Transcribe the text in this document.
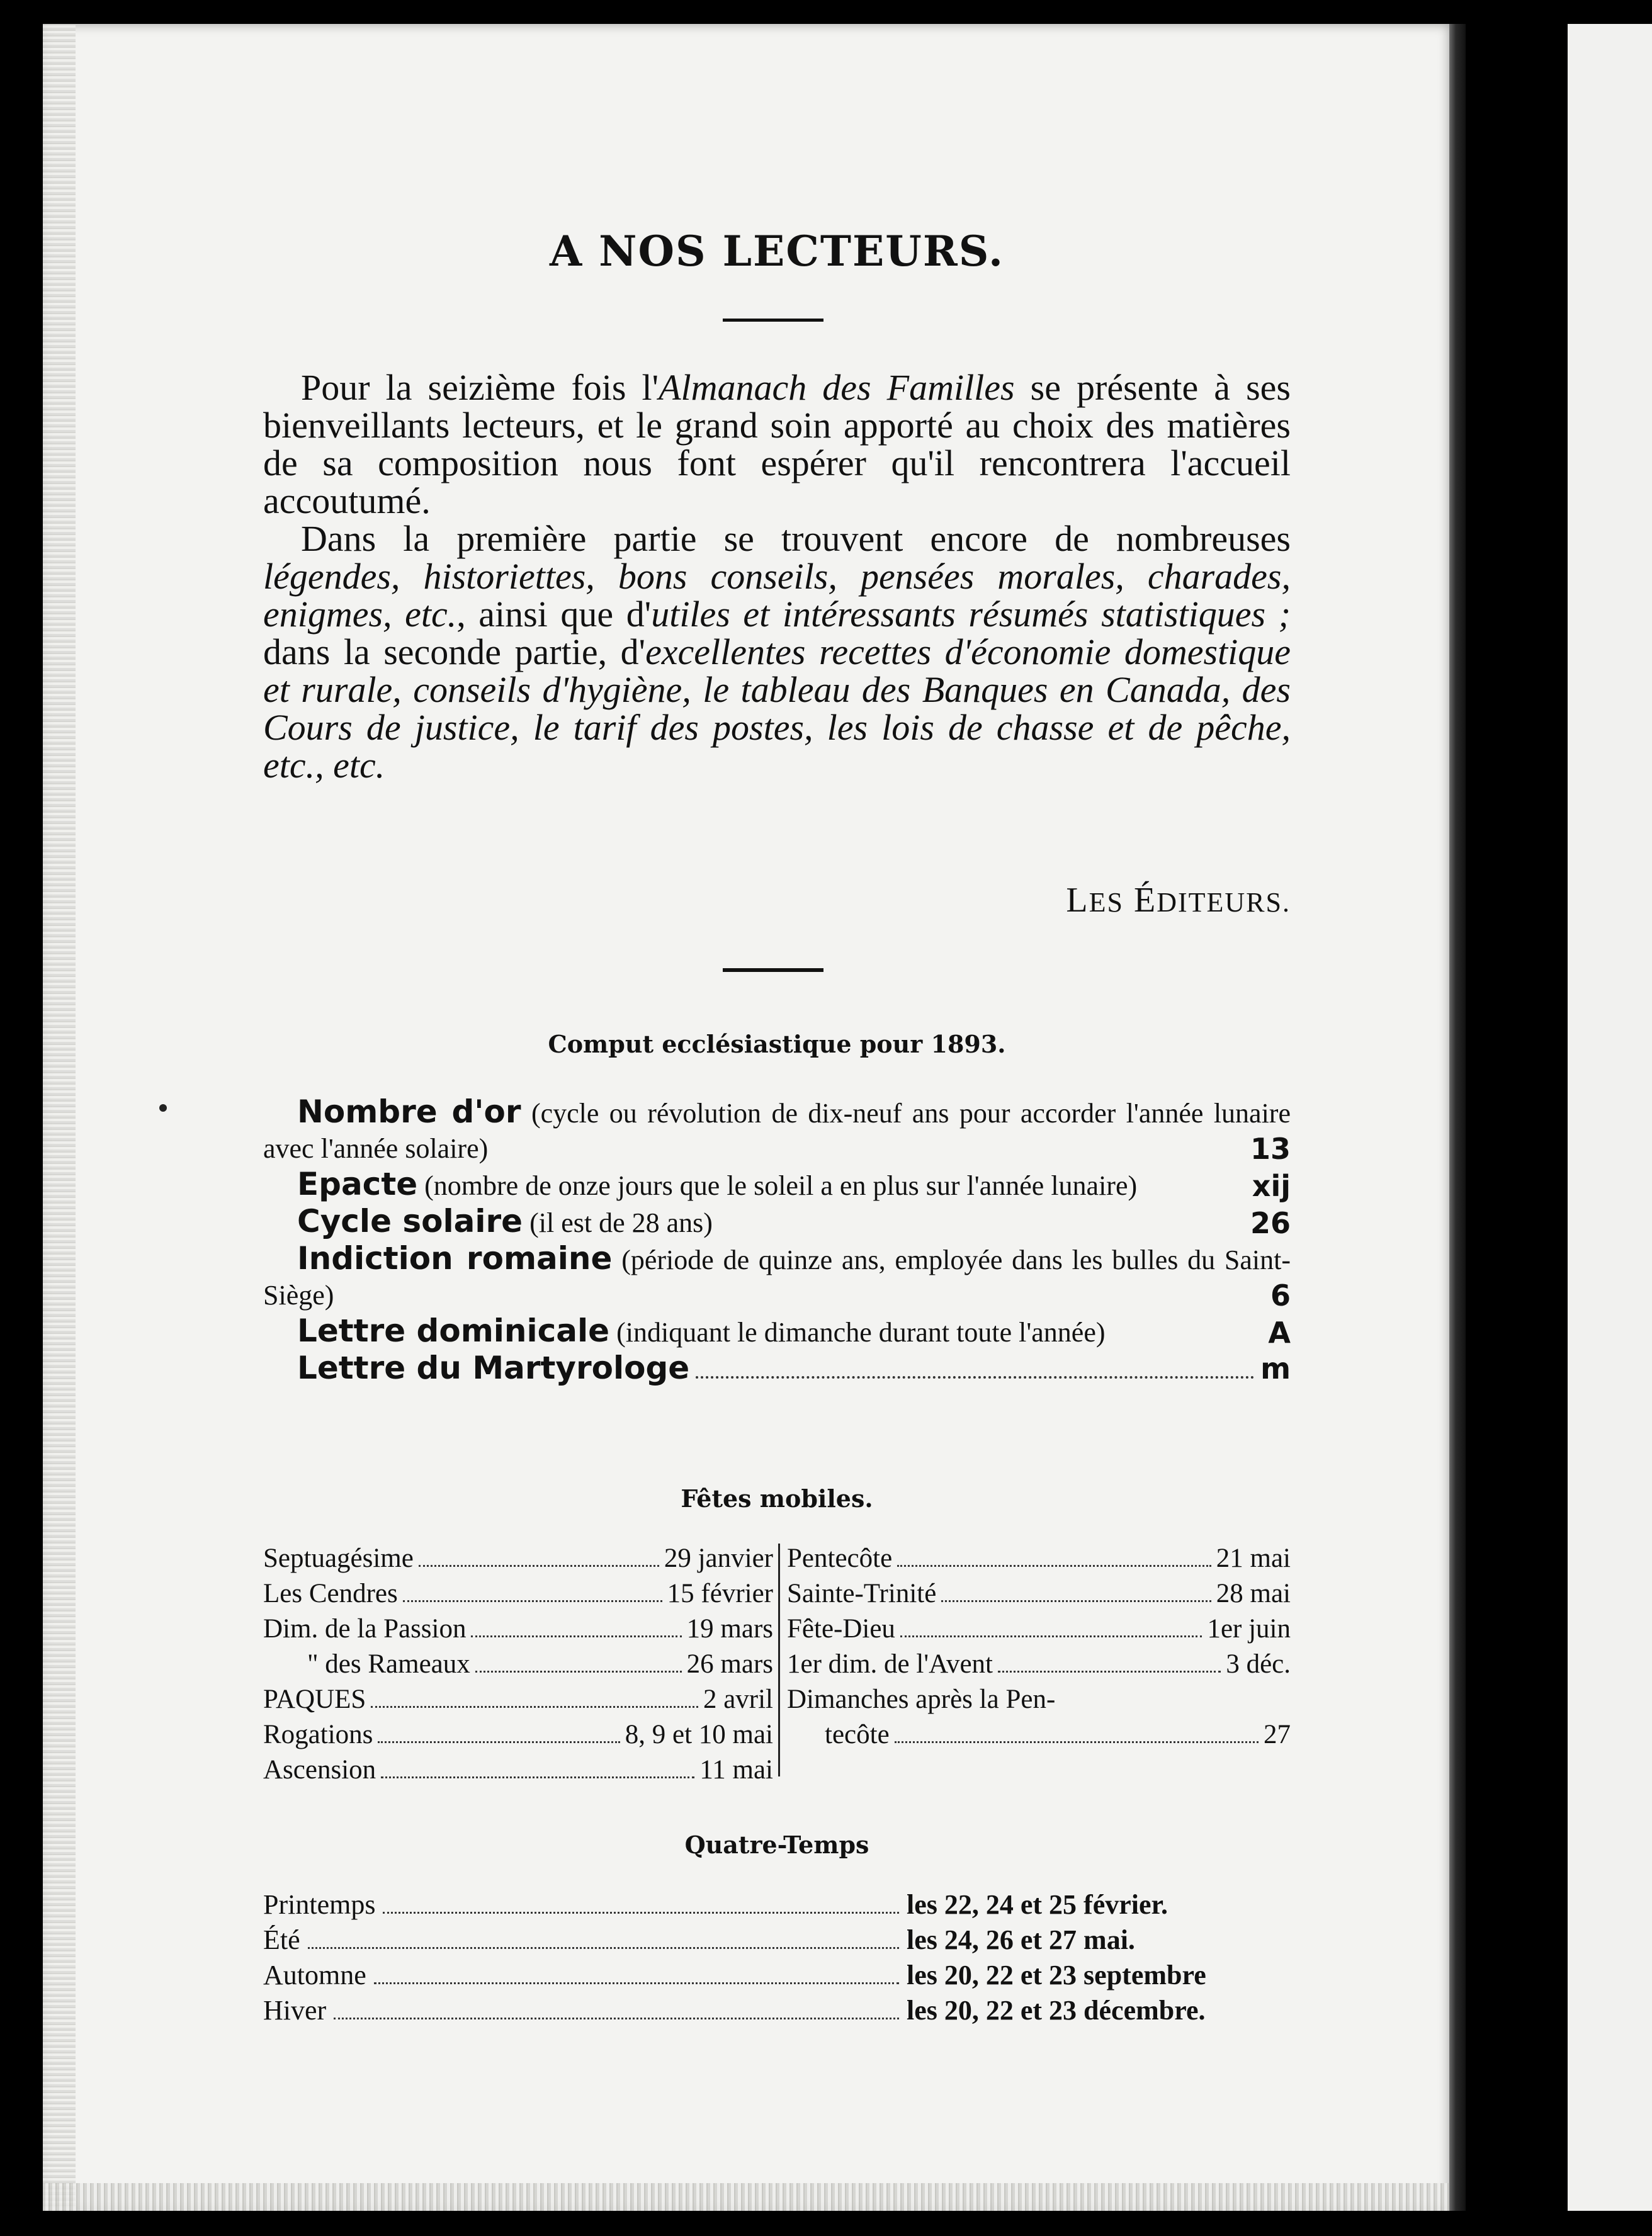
A NOS LECTEURS.

Pour la seizième fois l'Almanach des Familles se présente à ses bienveillants lecteurs, et le grand soin apporté au choix des matières de sa composition nous font espérer qu'il rencontrera l'accueil accoutumé.

Dans la première partie se trouvent encore de nombreuses légendes, historiettes, bons conseils, pensées morales, charades, enigmes, etc., ainsi que d'utiles et intéressants résumés statistiques ; dans la seconde partie, d'excellentes recettes d'économie domestique et rurale, conseils d'hygiène, le tableau des Banques en Canada, des Cours de justice, le tarif des postes, les lois de chasse et de pêche, etc., etc.

LES ÉDITEURS.
Comput ecclésiastique pour 1893.
Nombre d'or (cycle ou révolution de dix-neuf ans pour accorder l'année lunaire avec l'année solaire)	13
Epacte (nombre de onze jours que le soleil a en plus sur l'année lunaire)	xij
Cycle solaire (il est de 28 ans)	26
Indiction romaine (période de quinze ans, employée dans les bulles du Saint-Siège)	6
Lettre dominicale (indiquant le dimanche durant toute l'année)	A
Lettre du Martyrologe	m
Fêtes mobiles.
Septuagésime	29 janvier
Les Cendres	15 février
Dim. de la Passion	19 mars
" des Rameaux	26 mars
PAQUES	2 avril
Rogations	8, 9 et 10 mai
Ascension	11 mai
Pentecôte	21 mai
Sainte-Trinité	28 mai
Fête-Dieu	1er juin
1er dim. de l'Avent	3 déc.
Dimanches après la Pen-
tecôte	27
Quatre-Temps
Printemps	les 22, 24 et 25 février.
Été	les 24, 26 et 27 mai.
Automne	les 20, 22 et 23 septembre
Hiver	les 20, 22 et 23 décembre.
